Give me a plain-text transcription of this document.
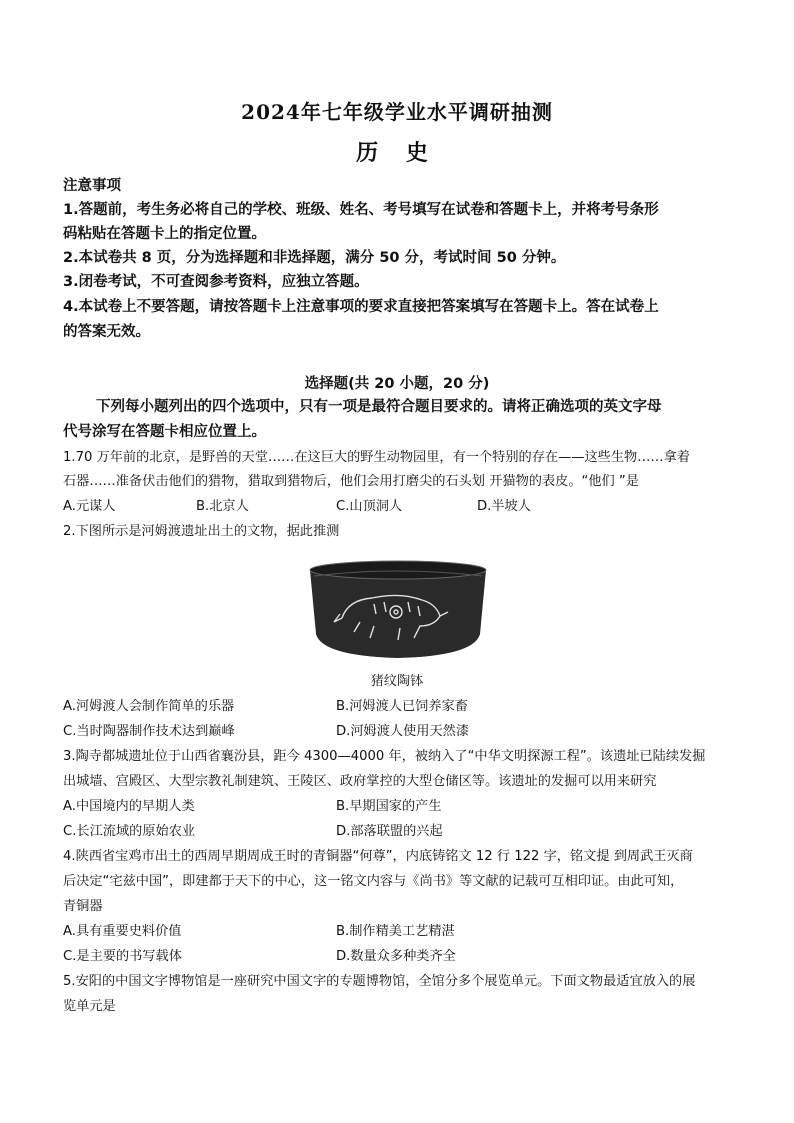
2024年七年级学业水平调研抽测
历 史
注意事项
1.答题前，考生务必将自己的学校、班级、姓名、考号填写在试卷和答题卡上，并将考号条形
码粘贴在答题卡上的指定位置。
2.本试卷共 8 页，分为选择题和非选择题，满分 50 分，考试时间 50 分钟。
3.闭卷考试，不可查阅参考资料，应独立答题。
4.本试卷上不要答题，请按答题卡上注意事项的要求直接把答案填写在答题卡上。答在试卷上
的答案无效。
选择题(共 20 小题，20 分)
下列每小题列出的四个选项中，只有一项是最符合题目要求的。请将正确选项的英文字母
代号涂写在答题卡相应位置上。
1.70 万年前的北京，是野兽的天堂……在这巨大的野生动物园里，有一个特别的存在——这些生物……拿着
石器……准备伏击他们的猎物，猎取到猎物后，他们会用打磨尖的石头划 开猫物的表皮。“他们 ”是
A.元谋人	B.北京人	C.山顶洞人	D.半坡人
2.下图所示是河姆渡遗址出土的文物，据此推测
猪纹陶钵
A.河姆渡人会制作简单的乐器	B.河姆渡人已饲养家畜
C.当时陶器制作技术达到巅峰	D.河姆渡人使用天然漆
3.陶寺都城遗址位于山西省襄汾县，距今 4300—4000 年，被纳入了“中华文明探源工程”。该遗址已陆续发掘
出城墙、宫殿区、大型宗教礼制建筑、王陵区、政府掌控的大型仓储区等。该遗址的发掘可以用来研究
A.中国境内的早期人类	B.早期国家的产生
C.长江流域的原始农业	D.部落联盟的兴起
4.陕西省宝鸡市出土的西周早期周成王时的青铜器“何尊”，内底铸铭文 12 行 122 字，铭文提 到周武王灭商
后决定“宅兹中国”，即建都于天下的中心，这一铭文内容与《尚书》等文献的记载可互相印证。由此可知，
青铜器
A.具有重要史料价值	B.制作精美工艺精湛
C.是主要的书写载体	D.数量众多种类齐全
5.安阳的中国文字博物馆是一座研究中国文字的专题博物馆，全馆分多个展览单元。下面文物最适宜放入的展
览单元是
